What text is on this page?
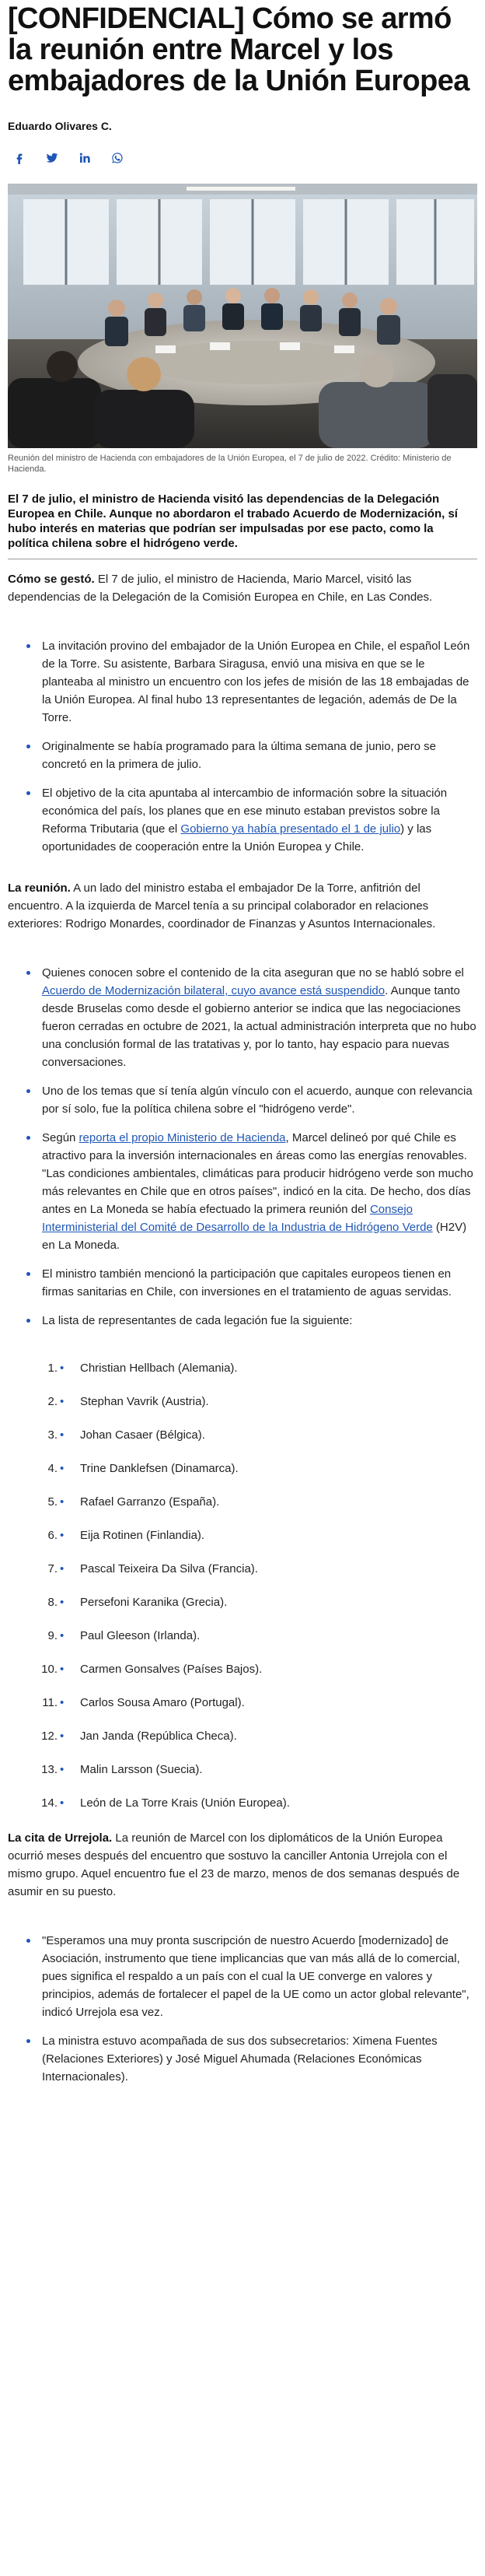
[CONFIDENCIAL] Cómo se armó la reunión entre Marcel y los embajadores de la Unión Europea
Eduardo Olivares C.
Reunión del ministro de Hacienda con embajadores de la Unión Europea, el 7 de julio de 2022. Crédito: Ministerio de Hacienda.
El 7 de julio, el ministro de Hacienda visitó las dependencias de la Delegación Europea en Chile. Aunque no abordaron el trabado Acuerdo de Modernización, sí hubo interés en materias que podrían ser impulsadas por ese pacto, como la política chilena sobre el hidrógeno verde.
Cómo se gestó. El 7 de julio, el ministro de Hacienda, Mario Marcel, visitó las dependencias de la Delegación de la Comisión Europea en Chile, en Las Condes.
La invitación provino del embajador de la Unión Europea en Chile, el español León de la Torre. Su asistente, Barbara Siragusa, envió una misiva en que se le planteaba al ministro un encuentro con los jefes de misión de las 18 embajadas de la Unión Europea. Al final hubo 13 representantes de legación, además de De la Torre.
Originalmente se había programado para la última semana de junio, pero se concretó en la primera de julio.
El objetivo de la cita apuntaba al intercambio de información sobre la situación económica del país, los planes que en ese minuto estaban previstos sobre la Reforma Tributaria (que el Gobierno ya había presentado el 1 de julio) y las oportunidades de cooperación entre la Unión Europea y Chile.
La reunión. A un lado del ministro estaba el embajador De la Torre, anfitrión del encuentro. A la izquierda de Marcel tenía a su principal colaborador en relaciones exteriores: Rodrigo Monardes, coordinador de Finanzas y Asuntos Internacionales.
Quienes conocen sobre el contenido de la cita aseguran que no se habló sobre el Acuerdo de Modernización bilateral, cuyo avance está suspendido. Aunque tanto desde Bruselas como desde el gobierno anterior se indica que las negociaciones fueron cerradas en octubre de 2021, la actual administración interpreta que no hubo una conclusión formal de las tratativas y, por lo tanto, hay espacio para nuevas conversaciones.
Uno de los temas que sí tenía algún vínculo con el acuerdo, aunque con relevancia por sí solo, fue la política chilena sobre el "hidrógeno verde".
Según reporta el propio Ministerio de Hacienda, Marcel delineó por qué Chile es atractivo para la inversión internacionales en áreas como las energías renovables. "Las condiciones ambientales, climáticas para producir hidrógeno verde son mucho más relevantes en Chile que en otros países", indicó en la cita. De hecho, dos días antes en La Moneda se había efectuado la primera reunión del Consejo Interministerial del Comité de Desarrollo de la Industria de Hidrógeno Verde (H2V) en La Moneda.
El ministro también mencionó la participación que capitales europeos tienen en firmas sanitarias en Chile, con inversiones en el tratamiento de aguas servidas.
La lista de representantes de cada legación fue la siguiente:
1. •	Christian Hellbach (Alemania).
2. •	Stephan Vavrik (Austria).
3. •	Johan Casaer (Bélgica).
4. •	Trine Danklefsen (Dinamarca).
5. •	Rafael Garranzo (España).
6. •	Eija Rotinen (Finlandia).
7. •	Pascal Teixeira Da Silva (Francia).
8. •	Persefoni Karanika (Grecia).
9. •	Paul Gleeson (Irlanda).
10. •	Carmen Gonsalves (Países Bajos).
11. •	Carlos Sousa Amaro (Portugal).
12. •	Jan Janda (República Checa).
13. •	Malin Larsson (Suecia).
14. •	León de La Torre Krais (Unión Europea).
La cita de Urrejola. La reunión de Marcel con los diplomáticos de la Unión Europea ocurrió meses después del encuentro que sostuvo la canciller Antonia Urrejola con el mismo grupo. Aquel encuentro fue el 23 de marzo, menos de dos semanas después de asumir en su puesto.
"Esperamos una muy pronta suscripción de nuestro Acuerdo [modernizado] de Asociación, instrumento que tiene implicancias que van más allá de lo comercial, pues significa el respaldo a un país con el cual la UE converge en valores y principios, además de fortalecer el papel de la UE como un actor global relevante", indicó Urrejola esa vez.
La ministra estuvo acompañada de sus dos subsecretarios: Ximena Fuentes (Relaciones Exteriores) y José Miguel Ahumada (Relaciones Económicas Internacionales).
